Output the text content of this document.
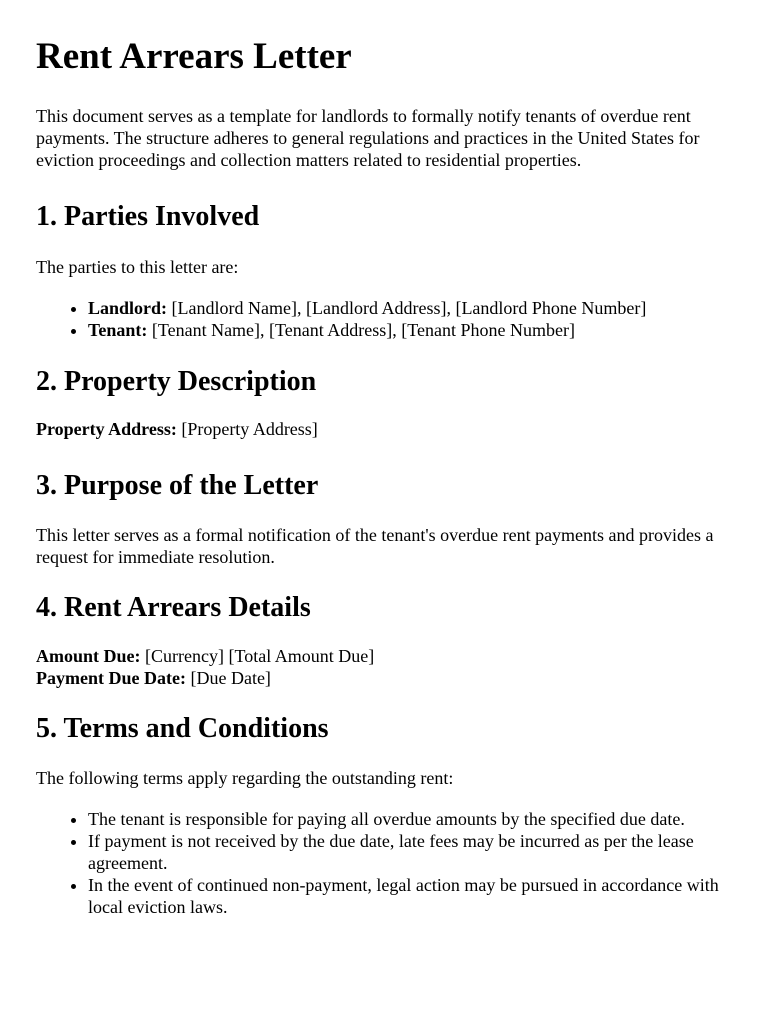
Rent Arrears Letter

This document serves as a template for landlords to formally notify tenants of overdue rent payments. The structure adheres to general regulations and practices in the United States for eviction proceedings and collection matters related to residential properties.

1. Parties Involved

The parties to this letter are:

• Landlord: [Landlord Name], [Landlord Address], [Landlord Phone Number]
• Tenant: [Tenant Name], [Tenant Address], [Tenant Phone Number]
2. Property Description

Property Address: [Property Address]

3. Purpose of the Letter

This letter serves as a formal notification of the tenant's overdue rent payments and provides a request for immediate resolution.

4. Rent Arrears Details

Amount Due: [Currency] [Total Amount Due]
Payment Due Date: [Due Date]

5. Terms and Conditions

The following terms apply regarding the outstanding rent:

• The tenant is responsible for paying all overdue amounts by the specified due date.
• If payment is not received by the due date, late fees may be incurred as per the lease agreement.
• In the event of continued non-payment, legal action may be pursued in accordance with local eviction laws.
